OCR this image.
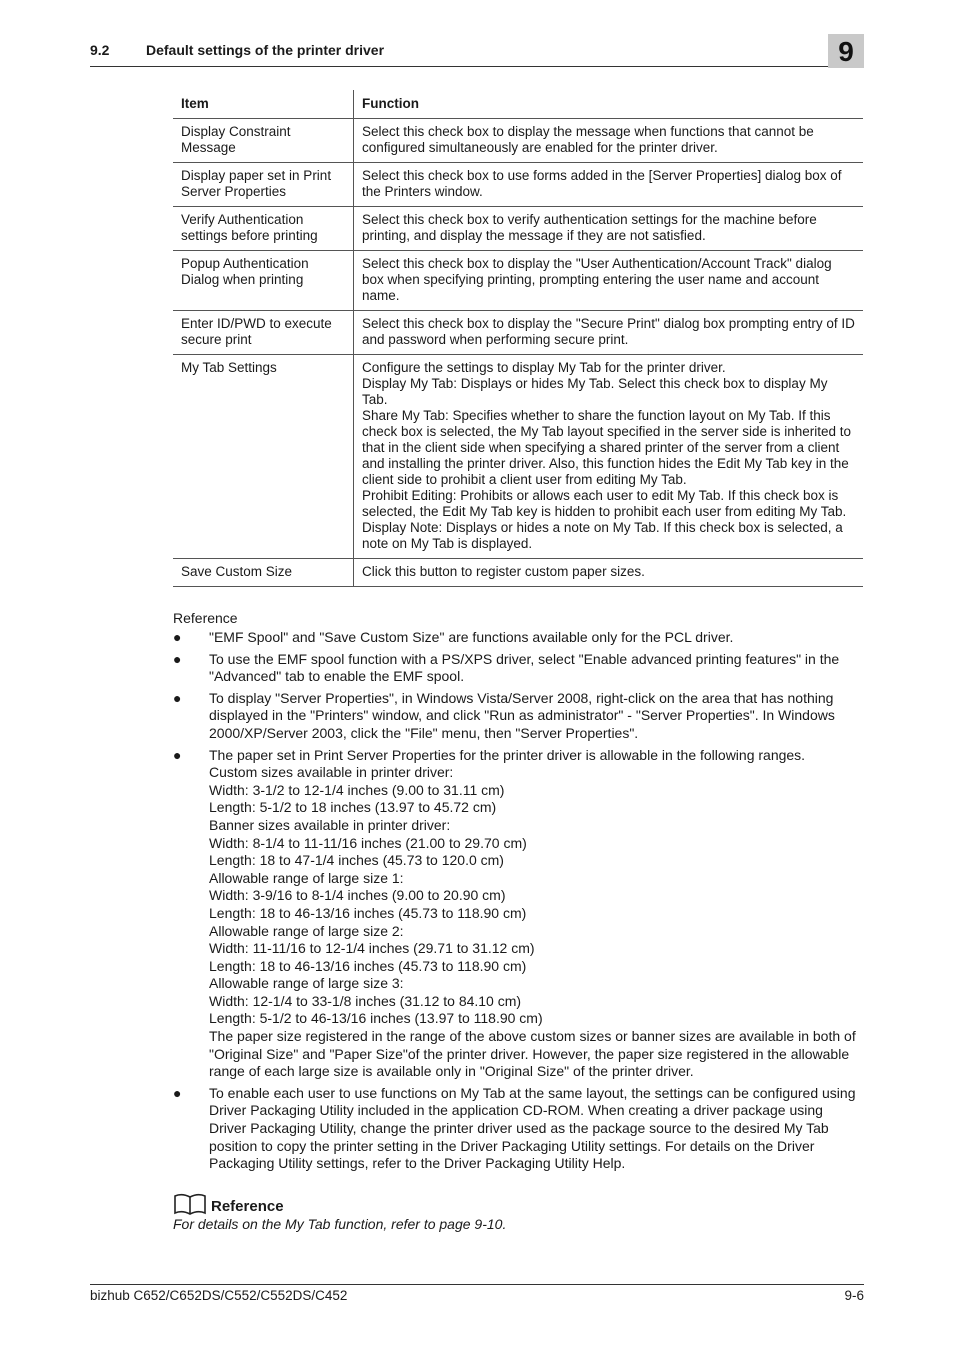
9.2	Default settings of the printer driver	9
Item	Function
Display Constraint Message	Select this check box to display the message when functions that cannot be configured simultaneously are enabled for the printer driver.
Display paper set in Print Server Properties	Select this check box to use forms added in the [Server Properties] dialog box of the Printers window.
Verify Authentication settings before printing	Select this check box to verify authentication settings for the machine before printing, and display the message if they are not satisfied.
Popup Authentication Dialog when printing	Select this check box to display the "User Authentication/Account Track" dialog box when specifying printing, prompting entering the user name and account name.
Enter ID/PWD to execute secure print	Select this check box to display the "Secure Print" dialog box prompting entry of ID and password when performing secure print.
My Tab Settings	Configure the settings to display My Tab for the printer driver.
Display My Tab: Displays or hides My Tab. Select this check box to display My Tab.
Share My Tab: Specifies whether to share the function layout on My Tab. If this check box is selected, the My Tab layout specified in the server side is inherited to that in the client side when specifying a shared printer of the server from a client and installing the printer driver. Also, this function hides the Edit My Tab key in the client side to prohibit a client user from editing My Tab.
Prohibit Editing: Prohibits or allows each user to edit My Tab. If this check box is selected, the Edit My Tab key is hidden to prohibit each user from editing My Tab.
Display Note: Displays or hides a note on My Tab. If this check box is selected, a note on My Tab is displayed.

Save Custom Size	Click this button to register custom paper sizes.
Reference
● "EMF Spool" and "Save Custom Size" are functions available only for the PCL driver.
● To use the EMF spool function with a PS/XPS driver, select "Enable advanced printing features" in the "Advanced" tab to enable the EMF spool.
● To display "Server Properties", in Windows Vista/Server 2008, right-click on the area that has nothing displayed in the "Printers" window, and click "Run as administrator" - "Server Properties". In Windows 2000/XP/Server 2003, click the "File" menu, then "Server Properties".
● The paper set in Print Server Properties for the printer driver is allowable in the following ranges.
Custom sizes available in printer driver:
Width: 3-1/2 to 12-1/4 inches (9.00 to 31.11 cm)
Length: 5-1/2 to 18 inches (13.97 to 45.72 cm)
Banner sizes available in printer driver:
Width: 8-1/4 to 11-11/16 inches (21.00 to 29.70 cm)
Length: 18 to 47-1/4 inches (45.73 to 120.0 cm)
Allowable range of large size 1:
Width: 3-9/16 to 8-1/4 inches (9.00 to 20.90 cm)
Length: 18 to 46-13/16 inches (45.73 to 118.90 cm)
Allowable range of large size 2:
Width: 11-11/16 to 12-1/4 inches (29.71 to 31.12 cm)
Length: 18 to 46-13/16 inches (45.73 to 118.90 cm)
Allowable range of large size 3:
Width: 12-1/4 to 33-1/8 inches (31.12 to 84.10 cm)
Length: 5-1/2 to 46-13/16 inches (13.97 to 118.90 cm)
The paper size registered in the range of the above custom sizes or banner sizes are available in both of "Original Size" and "Paper Size"of the printer driver. However, the paper size registered in the allowable range of each large size is available only in "Original Size" of the printer driver.
● To enable each user to use functions on My Tab at the same layout, the settings can be configured using Driver Packaging Utility included in the application CD-ROM. When creating a driver package using Driver Packaging Utility, change the printer driver used as the package source to the desired My Tab position to copy the printer setting in the Driver Packaging Utility settings. For details on the Driver Packaging Utility settings, refer to the Driver Packaging Utility Help.
Reference
For details on the My Tab function, refer to page 9-10.
bizhub C652/C652DS/C552/C552DS/C452	9-6
